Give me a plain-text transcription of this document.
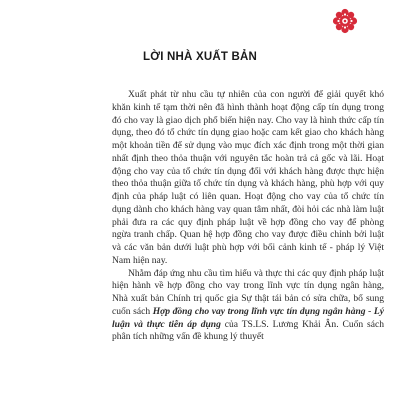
LỜI NHÀ XUẤT BẢN

Xuất phát từ nhu cầu tự nhiên của con người để giải quyết khó khăn kinh tế tạm thời nên đã hình thành hoạt động cấp tín dụng trong đó cho vay là giao dịch phổ biến hiện nay. Cho vay là hình thức cấp tín dụng, theo đó tổ chức tín dụng giao hoặc cam kết giao cho khách hàng một khoản tiền để sử dụng vào mục đích xác định trong một thời gian nhất định theo thỏa thuận với nguyên tắc hoàn trả cả gốc và lãi. Hoạt động cho vay của tổ chức tín dụng đối với khách hàng được thực hiện theo thỏa thuận giữa tổ chức tín dụng và khách hàng, phù hợp với quy định của pháp luật có liên quan. Hoạt động cho vay của tổ chức tín dụng dành cho khách hàng vay quan tâm nhất, đòi hỏi các nhà làm luật phải đưa ra các quy định pháp luật về hợp đồng cho vay để phòng ngừa tranh chấp. Quan hệ hợp đồng cho vay được điều chỉnh bởi luật và các văn bản dưới luật phù hợp với bối cảnh kinh tế - pháp lý Việt Nam hiện nay.

Nhằm đáp ứng nhu cầu tìm hiểu và thực thi các quy định pháp luật hiện hành về hợp đồng cho vay trong lĩnh vực tín dụng ngân hàng, Nhà xuất bản Chính trị quốc gia Sự thật tái bản có sửa chữa, bổ sung cuốn sách Hợp đồng cho vay trong lĩnh vực tín dụng ngân hàng - Lý luận và thực tiễn áp dụng của TS.LS. Lương Khải Ân. Cuốn sách phân tích những vấn đề khung lý thuyết
